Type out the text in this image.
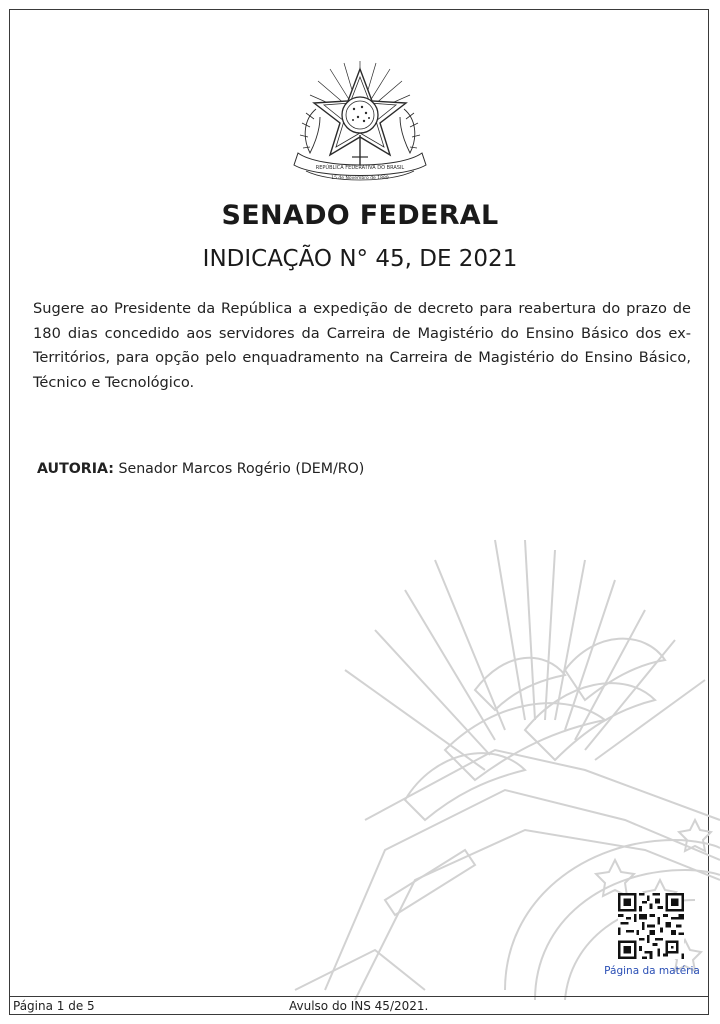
REPÚBLICA FEDERATIVA DO BRASIL
15 de Novembro de 1889
SENADO FEDERAL
INDICAÇÃO N° 45, DE 2021
Sugere ao Presidente da República a expedição de decreto para reabertura do prazo de 180 dias concedido aos servidores da Carreira de Magistério do Ensino Básico dos ex-Territórios, para opção pelo enquadramento na Carreira de Magistério do Ensino Básico, Técnico e Tecnológico.
AUTORIA: Senador Marcos Rogério (DEM/RO)
Página da matéria
Página 1 de 5	Avulso do INS 45/2021.
